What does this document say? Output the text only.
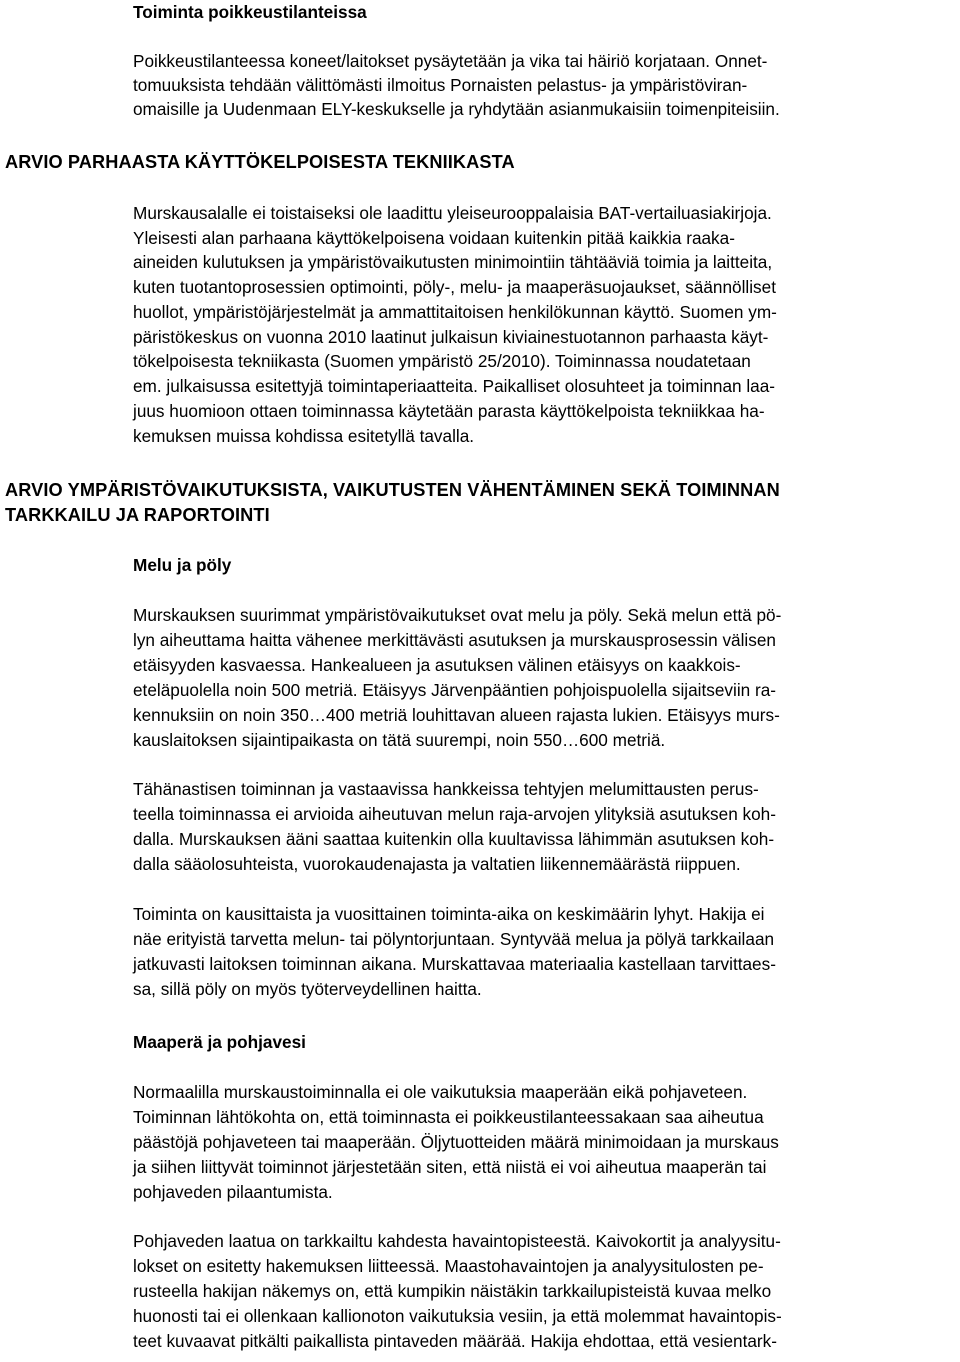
Toiminta poikkeustilanteissa
Poikkeustilanteessa koneet/laitokset pysäytetään ja vika tai häiriö korjataan. Onnet-
tomuuksista tehdään välittömästi ilmoitus Pornaisten pelastus- ja ympäristöviran-
omaisille ja Uudenmaan ELY-keskukselle ja ryhdytään asianmukaisiin toimenpiteisiin.
ARVIO PARHAASTA KÄYTTÖKELPOISESTA TEKNIIKASTA
Murskausalalle ei toistaiseksi ole laadittu yleiseurooppalaisia BAT-vertailuasiakirjoja.
Yleisesti alan parhaana käyttökelpoisena voidaan kuitenkin pitää kaikkia raaka-
aineiden kulutuksen ja ympäristövaikutusten minimointiin tähtääviä toimia ja laitteita,
kuten tuotantoprosessien optimointi, pöly-, melu- ja maaperäsuojaukset, säännölliset
huollot, ympäristöjärjestelmät ja ammattitaitoisen henkilökunnan käyttö. Suomen ym-
päristökeskus on vuonna 2010 laatinut julkaisun kiviainestuotannon parhaasta käyt-
tökelpoisesta tekniikasta (Suomen ympäristö 25/2010). Toiminnassa noudatetaan
em. julkaisussa esitettyjä toimintaperiaatteita. Paikalliset olosuhteet ja toiminnan laa-
juus huomioon ottaen toiminnassa käytetään parasta käyttökelpoista tekniikkaa ha-
kemuksen muissa kohdissa esitetyllä tavalla.
ARVIO YMPÄRISTÖVAIKUTUKSISTA, VAIKUTUSTEN VÄHENTÄMINEN SEKÄ TOIMINNAN
TARKKAILU JA RAPORTOINTI
Melu ja pöly
Murskauksen suurimmat ympäristövaikutukset ovat melu ja pöly. Sekä melun että pö-
lyn aiheuttama haitta vähenee merkittävästi asutuksen ja murskausprosessin välisen
etäisyyden kasvaessa. Hankealueen ja asutuksen välinen etäisyys on kaakkois-
eteläpuolella noin 500 metriä. Etäisyys Järvenpääntien pohjoispuolella sijaitseviin ra-
kennuksiin on noin 350…400 metriä louhittavan alueen rajasta lukien. Etäisyys murs-
kauslaitoksen sijaintipaikasta on tätä suurempi, noin 550…600 metriä.
Tähänastisen toiminnan ja vastaavissa hankkeissa tehtyjen melumittausten perus-
teella toiminnassa ei arvioida aiheutuvan melun raja-arvojen ylityksiä asutuksen koh-
dalla. Murskauksen ääni saattaa kuitenkin olla kuultavissa lähimmän asutuksen koh-
dalla sääolosuhteista, vuorokaudenajasta ja valtatien liikennemäärästä riippuen.
Toiminta on kausittaista ja vuosittainen toiminta-aika on keskimäärin lyhyt. Hakija ei
näe erityistä tarvetta melun- tai pölyntorjuntaan. Syntyvää melua ja pölyä tarkkailaan
jatkuvasti laitoksen toiminnan aikana. Murskattavaa materiaalia kastellaan tarvittaes-
sa, sillä pöly on myös työterveydellinen haitta.
Maaperä ja pohjavesi
Normaalilla murskaustoiminnalla ei ole vaikutuksia maaperään eikä pohjaveteen.
Toiminnan lähtökohta on, että toiminnasta ei poikkeustilanteessakaan saa aiheutua
päästöjä pohjaveteen tai maaperään. Öljytuotteiden määrä minimoidaan ja murskaus
ja siihen liittyvät toiminnot järjestetään siten, että niistä ei voi aiheutua maaperän tai
pohjaveden pilaantumista.
Pohjaveden laatua on tarkkailtu kahdesta havaintopisteestä. Kaivokortit ja analyysitu-
lokset on esitetty hakemuksen liitteessä. Maastohavaintojen ja analyysitulosten pe-
rusteella hakijan näkemys on, että kumpikin näistäkin tarkkailupisteistä kuvaa melko
huonosti tai ei ollenkaan kallionoton vaikutuksia vesiin, ja että molemmat havaintopis-
teet kuvaavat pitkälti paikallista pintaveden määrää. Hakija ehdottaa, että vesientark-
